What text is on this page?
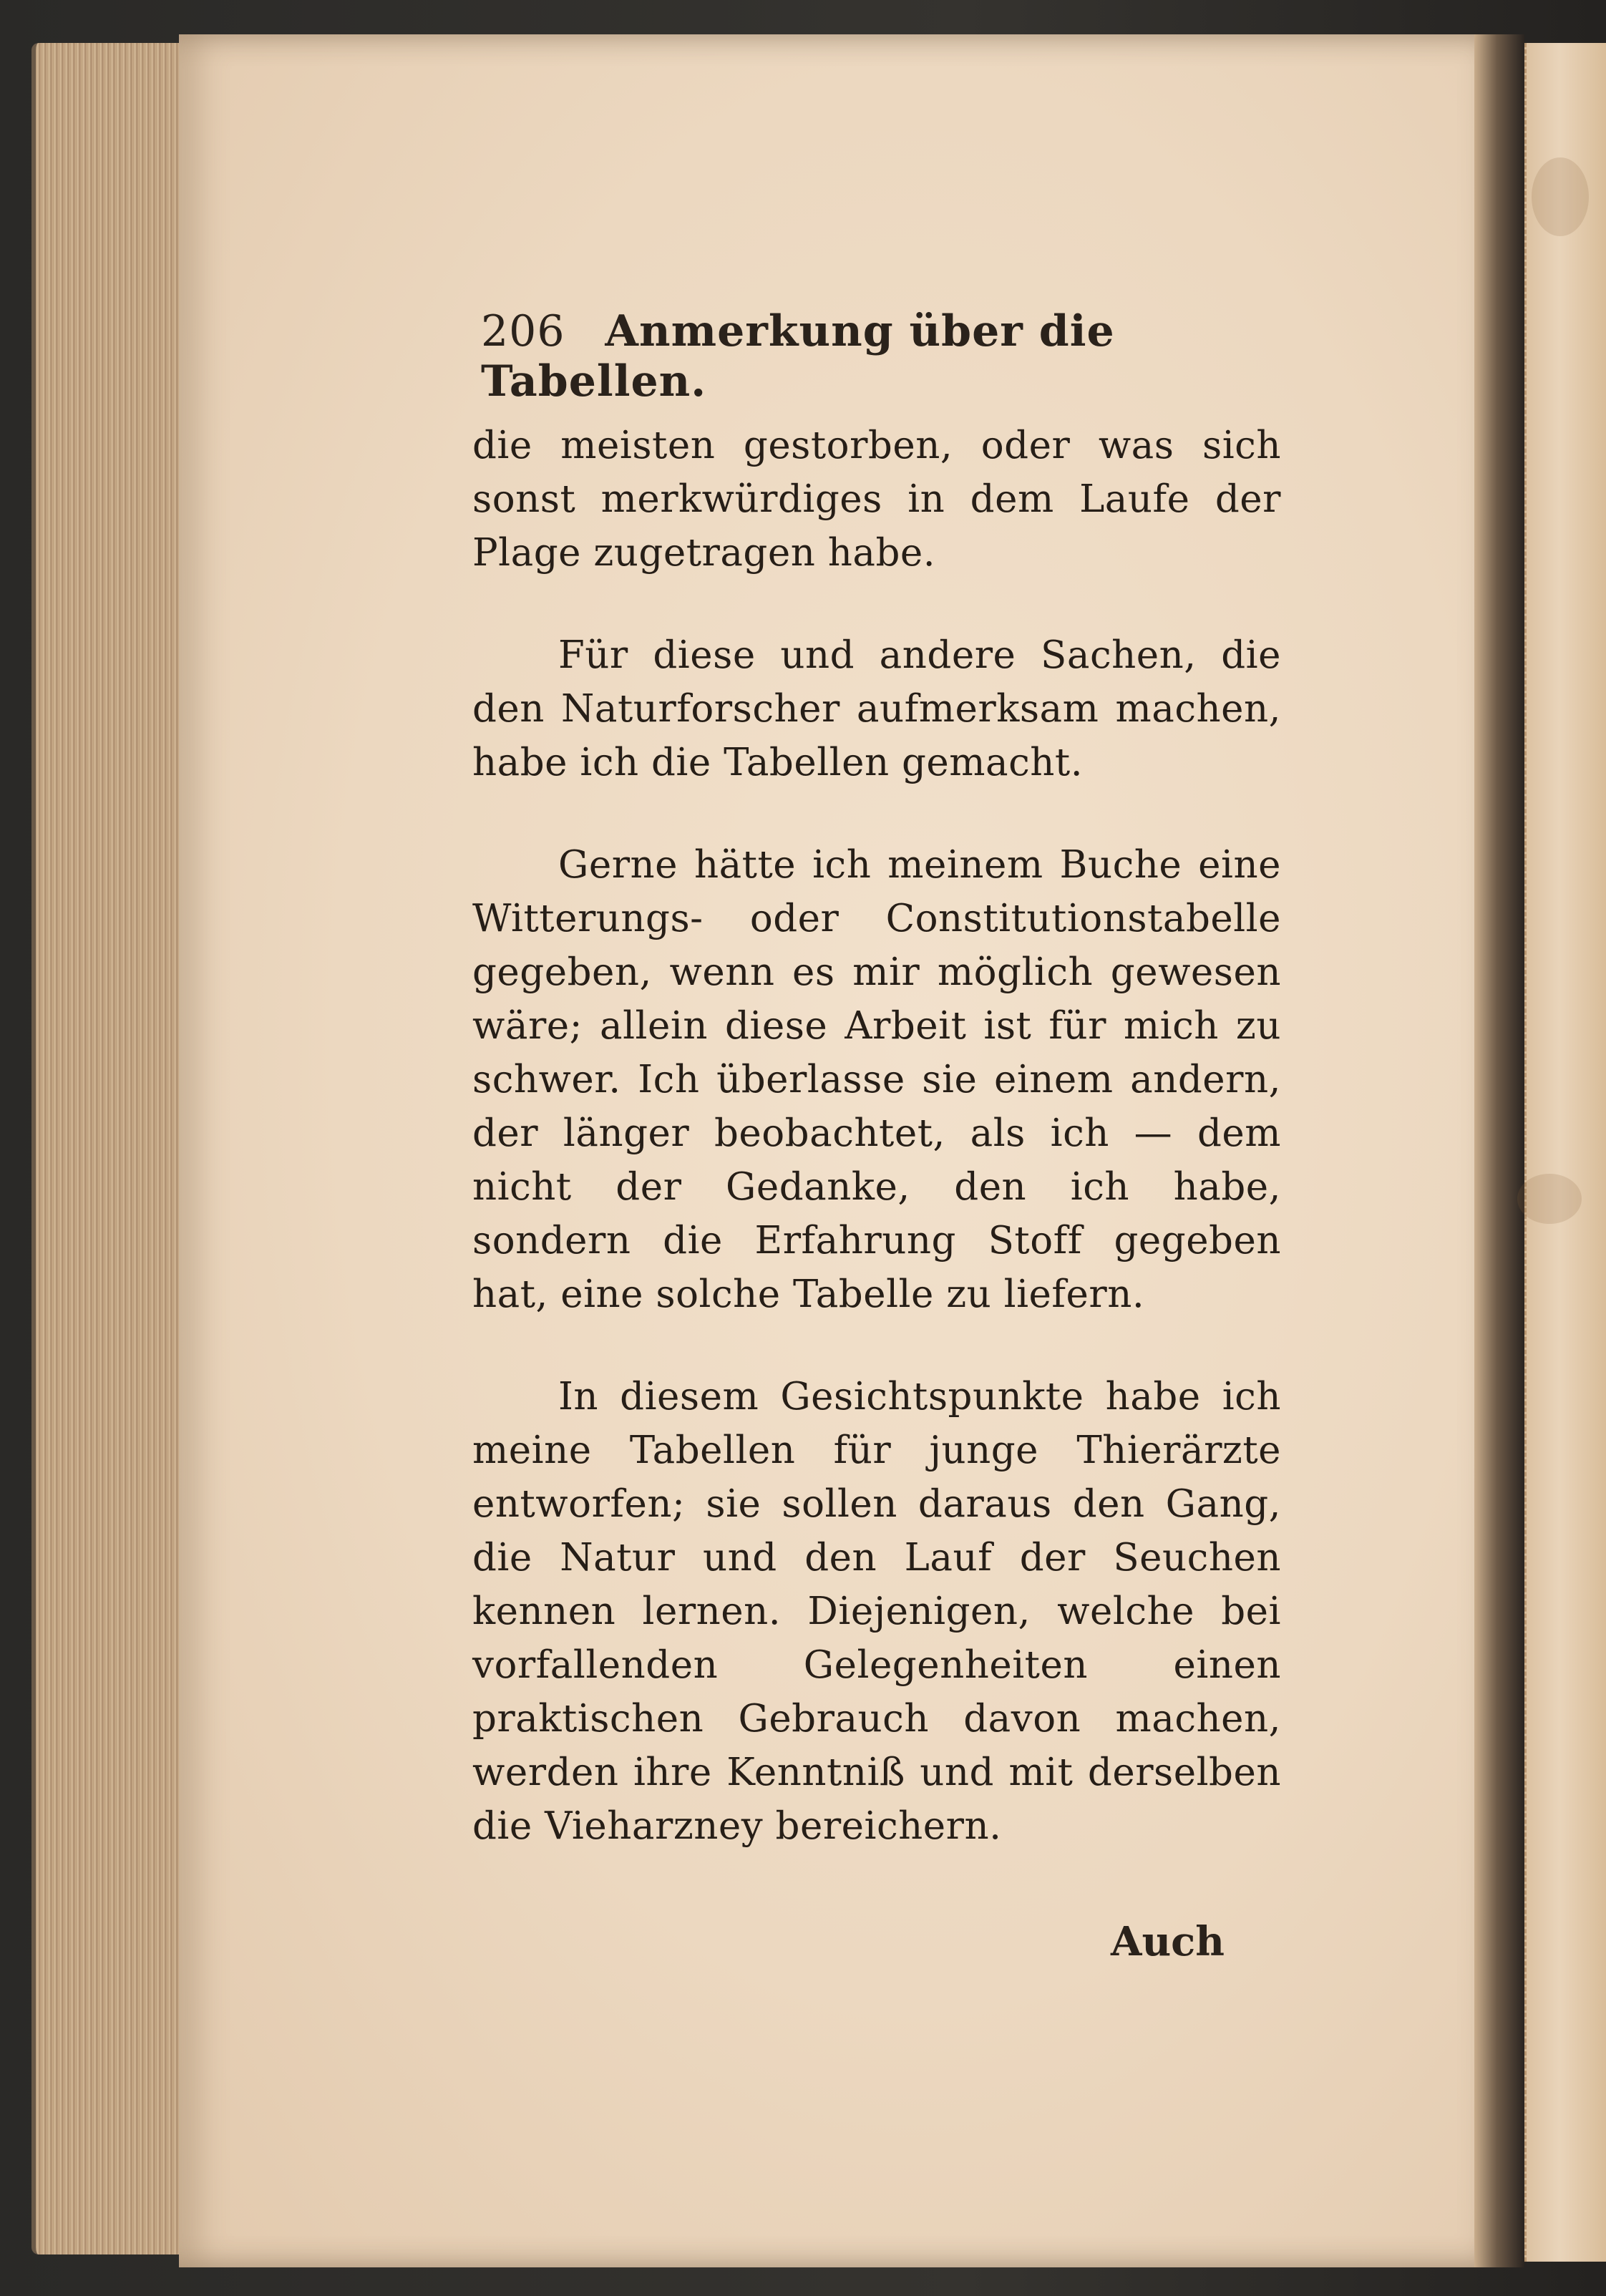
206 Anmerkung über die Tabellen.

die meisten gestorben, oder was sich sonst merkwürdiges in dem Laufe der Plage zugetragen habe.

Für diese und andere Sachen, die den Naturforscher aufmerksam machen, habe ich die Tabellen gemacht.

Gerne hätte ich meinem Buche eine Witterungs- oder Constitutionstabelle gegeben, wenn es mir möglich gewesen wäre; allein diese Arbeit ist für mich zu schwer. Ich überlasse sie einem andern, der länger beobachtet, als ich — dem nicht der Gedanke, den ich habe, sondern die Erfahrung Stoff gegeben hat, eine solche Tabelle zu liefern.

In diesem Gesichtspunkte habe ich meine Tabellen für junge Thierärzte entworfen; sie sollen daraus den Gang, die Natur und den Lauf der Seuchen kennen lernen. Diejenigen, welche bei vorfallenden Gelegenheiten einen praktischen Gebrauch davon machen, werden ihre Kenntniß und mit derselben die Vieharzney bereichern.

Auch
